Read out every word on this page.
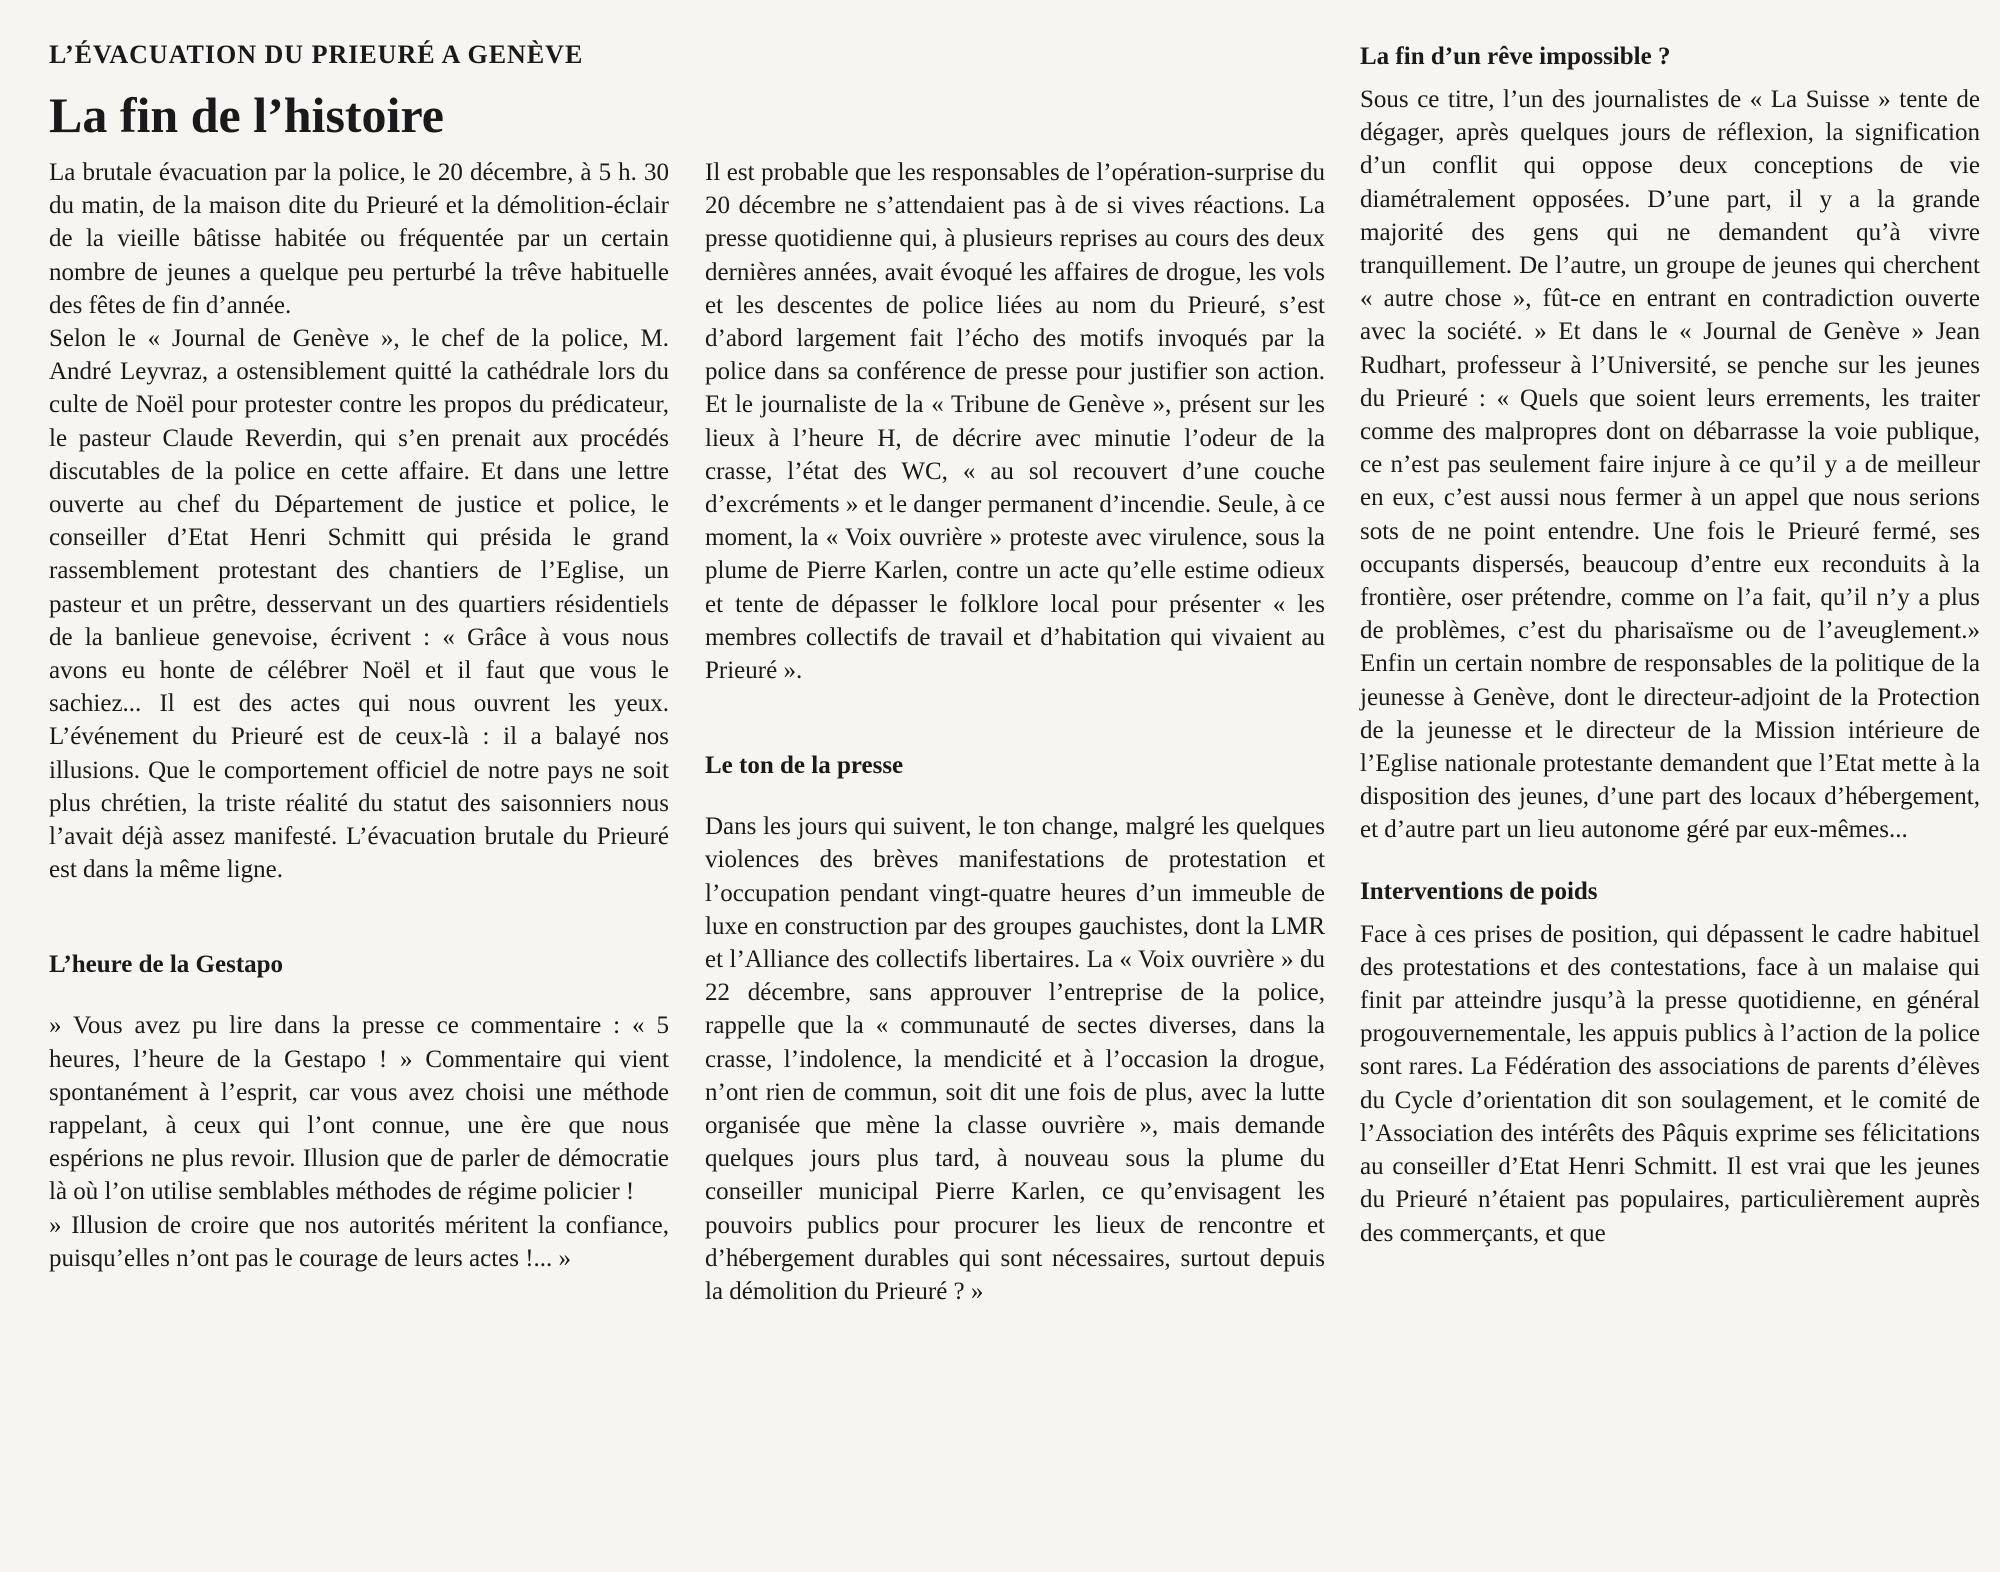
L’ÉVACUATION DU PRIEURÉ A GENÈVE
La fin de l’histoire

La brutale évacuation par la police, le 20 décembre, à 5 h. 30 du matin, de la maison dite du Prieuré et la démolition-éclair de la vieille bâtisse habitée ou fréquentée par un certain nombre de jeunes a quelque peu perturbé la trêve habituelle des fêtes de fin d’année.

Selon le « Journal de Genève », le chef de la police, M. André Leyvraz, a ostensiblement quitté la cathédrale lors du culte de Noël pour protester contre les propos du prédicateur, le pasteur Claude Reverdin, qui s’en prenait aux procédés discutables de la police en cette affaire. Et dans une lettre ouverte au chef du Département de justice et police, le conseiller d’Etat Henri Schmitt qui présida le grand rassemblement protestant des chantiers de l’Eglise, un pasteur et un prêtre, desservant un des quartiers résidentiels de la banlieue genevoise, écrivent : « Grâce à vous nous avons eu honte de célébrer Noël et il faut que vous le sachiez... Il est des actes qui nous ouvrent les yeux. L’événement du Prieuré est de ceux-là : il a balayé nos illusions. Que le comportement officiel de notre pays ne soit plus chrétien, la triste réalité du statut des saisonniers nous l’avait déjà assez manifesté. L’évacuation brutale du Prieuré est dans la même ligne.

L’heure de la Gestapo

» Vous avez pu lire dans la presse ce commentaire : « 5 heures, l’heure de la Gestapo ! » Commentaire qui vient spontanément à l’esprit, car vous avez choisi une méthode rappelant, à ceux qui l’ont connue, une ère que nous espérions ne plus revoir. Illusion que de parler de démocratie là où l’on utilise semblables méthodes de régime policier !

» Illusion de croire que nos autorités méritent la confiance, puisqu’elles n’ont pas le courage de leurs actes !... »

Il est probable que les responsables de l’opération-surprise du 20 décembre ne s’attendaient pas à de si vives réactions. La presse quotidienne qui, à plusieurs reprises au cours des deux dernières années, avait évoqué les affaires de drogue, les vols et les descentes de police liées au nom du Prieuré, s’est d’abord largement fait l’écho des motifs invoqués par la police dans sa conférence de presse pour justifier son action. Et le journaliste de la « Tribune de Genève », présent sur les lieux à l’heure H, de décrire avec minutie l’odeur de la crasse, l’état des WC, « au sol recouvert d’une couche d’excréments » et le danger permanent d’incendie. Seule, à ce moment, la « Voix ouvrière » proteste avec virulence, sous la plume de Pierre Karlen, contre un acte qu’elle estime odieux et tente de dépasser le folklore local pour présenter « les membres collectifs de travail et d’habitation qui vivaient au Prieuré ».

Le ton de la presse

Dans les jours qui suivent, le ton change, malgré les quelques violences des brèves manifestations de protestation et l’occupation pendant vingt-quatre heures d’un immeuble de luxe en construction par des groupes gauchistes, dont la LMR et l’Alliance des collectifs libertaires. La « Voix ouvrière » du 22 décembre, sans approuver l’entreprise de la police, rappelle que la « communauté de sectes diverses, dans la crasse, l’indolence, la mendicité et à l’occasion la drogue, n’ont rien de commun, soit dit une fois de plus, avec la lutte organisée que mène la classe ouvrière », mais demande quelques jours plus tard, à nouveau sous la plume du conseiller municipal Pierre Karlen, ce qu’envisagent les pouvoirs publics pour procurer les lieux de rencontre et d’hébergement durables qui sont nécessaires, surtout depuis la démolition du Prieuré ? »

La fin d’un rêve impossible ?

Sous ce titre, l’un des journalistes de « La Suisse » tente de dégager, après quelques jours de réflexion, la signification d’un conflit qui oppose deux conceptions de vie diamétralement opposées. D’une part, il y a la grande majorité des gens qui ne demandent qu’à vivre tranquillement. De l’autre, un groupe de jeunes qui cherchent « autre chose », fût-ce en entrant en contradiction ouverte avec la société. » Et dans le « Journal de Genève » Jean Rudhart, professeur à l’Université, se penche sur les jeunes du Prieuré : « Quels que soient leurs errements, les traiter comme des malpropres dont on débarrasse la voie publique, ce n’est pas seulement faire injure à ce qu’il y a de meilleur en eux, c’est aussi nous fermer à un appel que nous serions sots de ne point entendre. Une fois le Prieuré fermé, ses occupants dispersés, beaucoup d’entre eux reconduits à la frontière, oser prétendre, comme on l’a fait, qu’il n’y a plus de problèmes, c’est du pharisaïsme ou de l’aveuglement.» Enfin un certain nombre de responsables de la politique de la jeunesse à Genève, dont le directeur-adjoint de la Protection de la jeunesse et le directeur de la Mission intérieure de l’Eglise nationale protestante demandent que l’Etat mette à la disposition des jeunes, d’une part des locaux d’hébergement, et d’autre part un lieu autonome géré par eux-mêmes...

Interventions de poids

Face à ces prises de position, qui dépassent le cadre habituel des protestations et des contestations, face à un malaise qui finit par atteindre jusqu’à la presse quotidienne, en général progouvernementale, les appuis publics à l’action de la police sont rares. La Fédération des associations de parents d’élèves du Cycle d’orientation dit son soulagement, et le comité de l’Association des intérêts des Pâquis exprime ses félicitations au conseiller d’Etat Henri Schmitt. Il est vrai que les jeunes du Prieuré n’étaient pas populaires, particulièrement auprès des commerçants, et que
